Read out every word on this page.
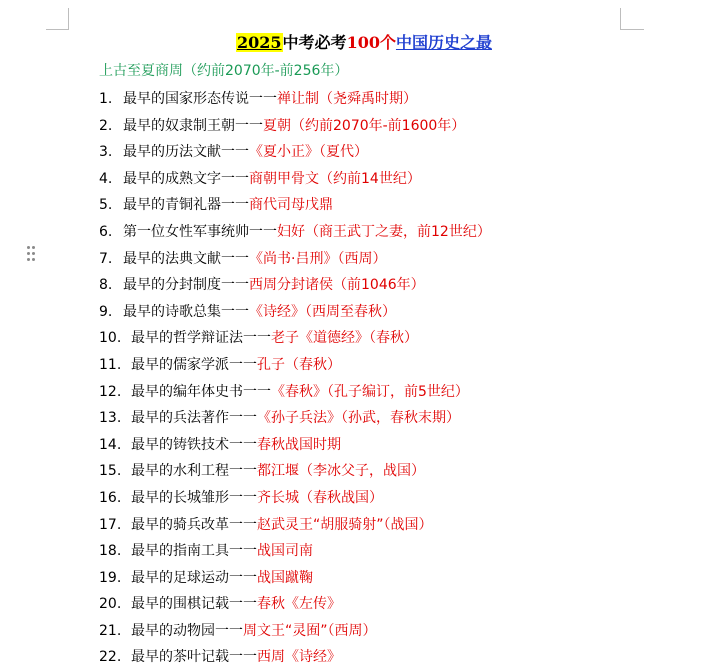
2025中考必考100个中国历史之最
上古至夏商周（约前2070年-前256年）
1. 最早的国家形态传说一一禅让制（尧舜禹时期）
2. 最早的奴隶制王朝一一夏朝（约前2070年-前1600年）
3. 最早的历法文献一一《夏小正》（夏代）
4. 最早的成熟文字一一商朝甲骨文（约前14世纪）
5. 最早的青铜礼器一一商代司母戊鼎
6. 第一位女性军事统帅一一妇好（商王武丁之妻，前12世纪）
7. 最早的法典文献一一《尚书·吕刑》（西周）
8. 最早的分封制度一一西周分封诸侯（前1046年）
9. 最早的诗歌总集一一《诗经》（西周至春秋）
10. 最早的哲学辩证法一一老子《道德经》（春秋）
11. 最早的儒家学派一一孔子（春秋）
12. 最早的编年体史书一一《春秋》（孔子编订，前5世纪）
13. 最早的兵法著作一一《孙子兵法》（孙武，春秋末期）
14. 最早的铸铁技术一一春秋战国时期
15. 最早的水利工程一一都江堰（李冰父子，战国）
16. 最早的长城雏形一一齐长城（春秋战国）
17. 最早的骑兵改革一一赵武灵王“胡服骑射”（战国）
18. 最早的指南工具一一战国司南
19. 最早的足球运动一一战国蹴鞠
20. 最早的围棋记载一一春秋《左传》
21. 最早的动物园一一周文王“灵囿”（西周）
22. 最早的茶叶记载一一西周《诗经》
